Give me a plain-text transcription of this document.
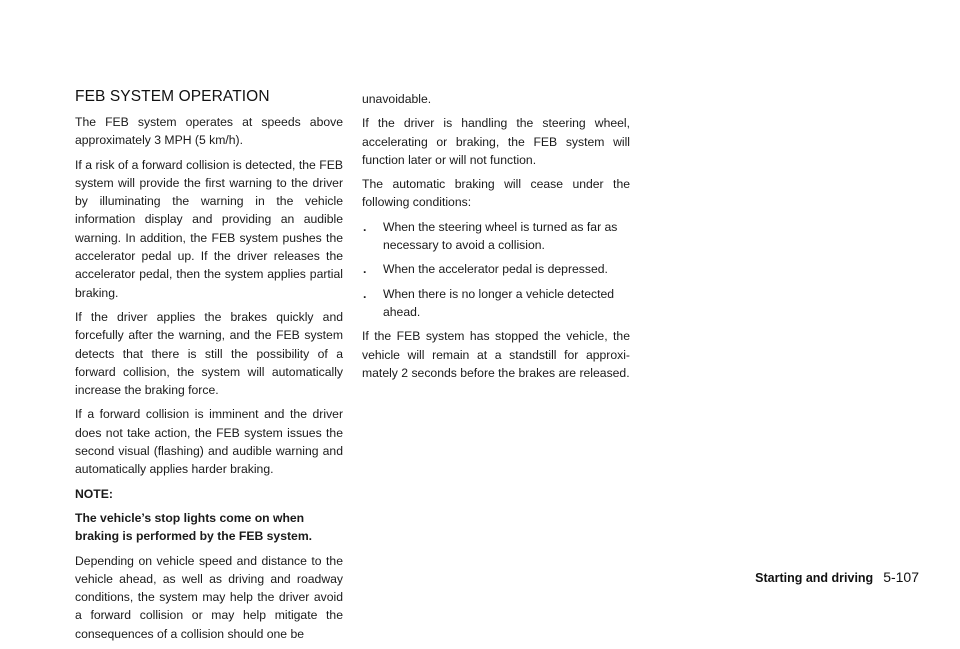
FEB SYSTEM OPERATION

The FEB system operates at speeds above approximately 3 MPH (5 km/h).

If a risk of a forward collision is detected, the FEB system will provide the first warning to the driver by illuminating the warning in the vehicle information display and providing an audible warning. In addition, the FEB system pushes the accelerator pedal up. If the driver releases the accelerator pedal, then the system applies partial braking.

If the driver applies the brakes quickly and forcefully after the warning, and the FEB system detects that there is still the possibility of a forward collision, the system will automatically increase the braking force.

If a forward collision is imminent and the driver does not take action, the FEB system issues the second visual (flashing) and audible warning and automatically applies harder braking.

NOTE:

The vehicle’s stop lights come on when braking is performed by the FEB system.

Depending on vehicle speed and distance to the vehicle ahead, as well as driving and roadway conditions, the system may help the driver avoid a forward collision or may help mitigate the consequences of a collision should one be

unavoidable.

If the driver is handling the steering wheel, accelerating or braking, the FEB system will function later or will not function.

The automatic braking will cease under the following conditions:

. When the steering wheel is turned as far as necessary to avoid a collision.
. When the accelerator pedal is depressed.
. When there is no longer a vehicle detected ahead.

If the FEB system has stopped the vehicle, the vehicle will remain at a standstill for approxi- mately 2 seconds before the brakes are released.

Starting and driving 5-107
